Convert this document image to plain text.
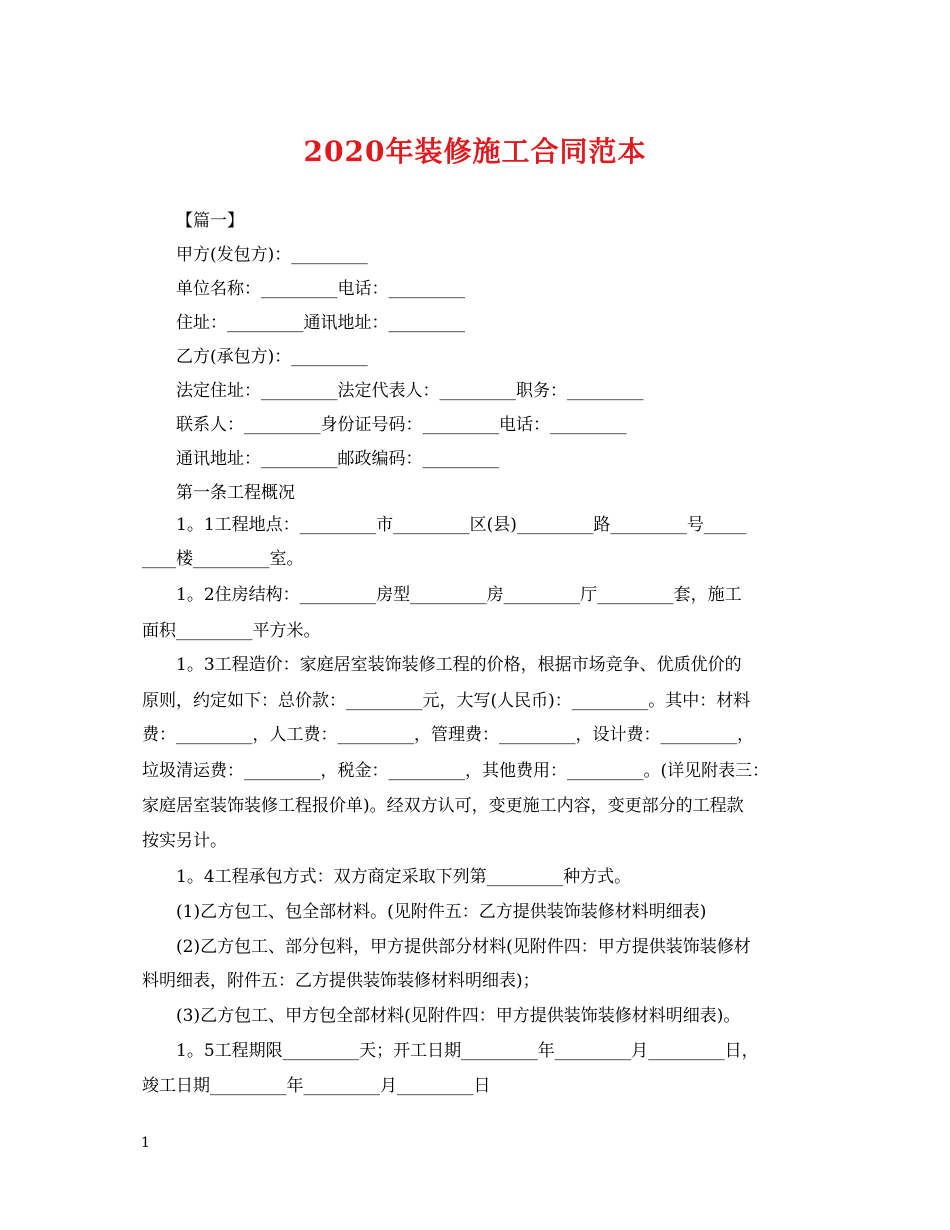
2020年装修施工合同范本
【篇一】
甲方(发包方)：_________
单位名称：_________电话：_________
住址：_________通讯地址：_________
乙方(承包方)：_________
法定住址：_________法定代表人：_________职务：_________
联系人：_________身份证号码：_________电话：_________
通讯地址：_________邮政编码：_________
第一条工程概况
1。1工程地点：_________市_________区(县)_________路_________号_____
____楼_________室。
1。2住房结构：_________房型_________房_________厅_________套，施工
面积_________平方米。
1。3工程造价：家庭居室装饰装修工程的价格，根据市场竞争、优质优价的
原则，约定如下：总价款：_________元，大写(人民币)：_________。其中：材料
费：_________，人工费：_________，管理费：_________，设计费：_________，
垃圾清运费：_________，税金：_________，其他费用：_________。(详见附表三：
家庭居室装饰装修工程报价单)。经双方认可，变更施工内容，变更部分的工程款
按实另计。
1。4工程承包方式：双方商定采取下列第_________种方式。
(1)乙方包工、包全部材料。(见附件五：乙方提供装饰装修材料明细表)
(2)乙方包工、部分包料，甲方提供部分材料(见附件四：甲方提供装饰装修材
料明细表，附件五：乙方提供装饰装修材料明细表)；
(3)乙方包工、甲方包全部材料(见附件四：甲方提供装饰装修材料明细表)。
1。5工程期限_________天；开工日期_________年_________月_________日，
竣工日期_________年_________月_________日
1
